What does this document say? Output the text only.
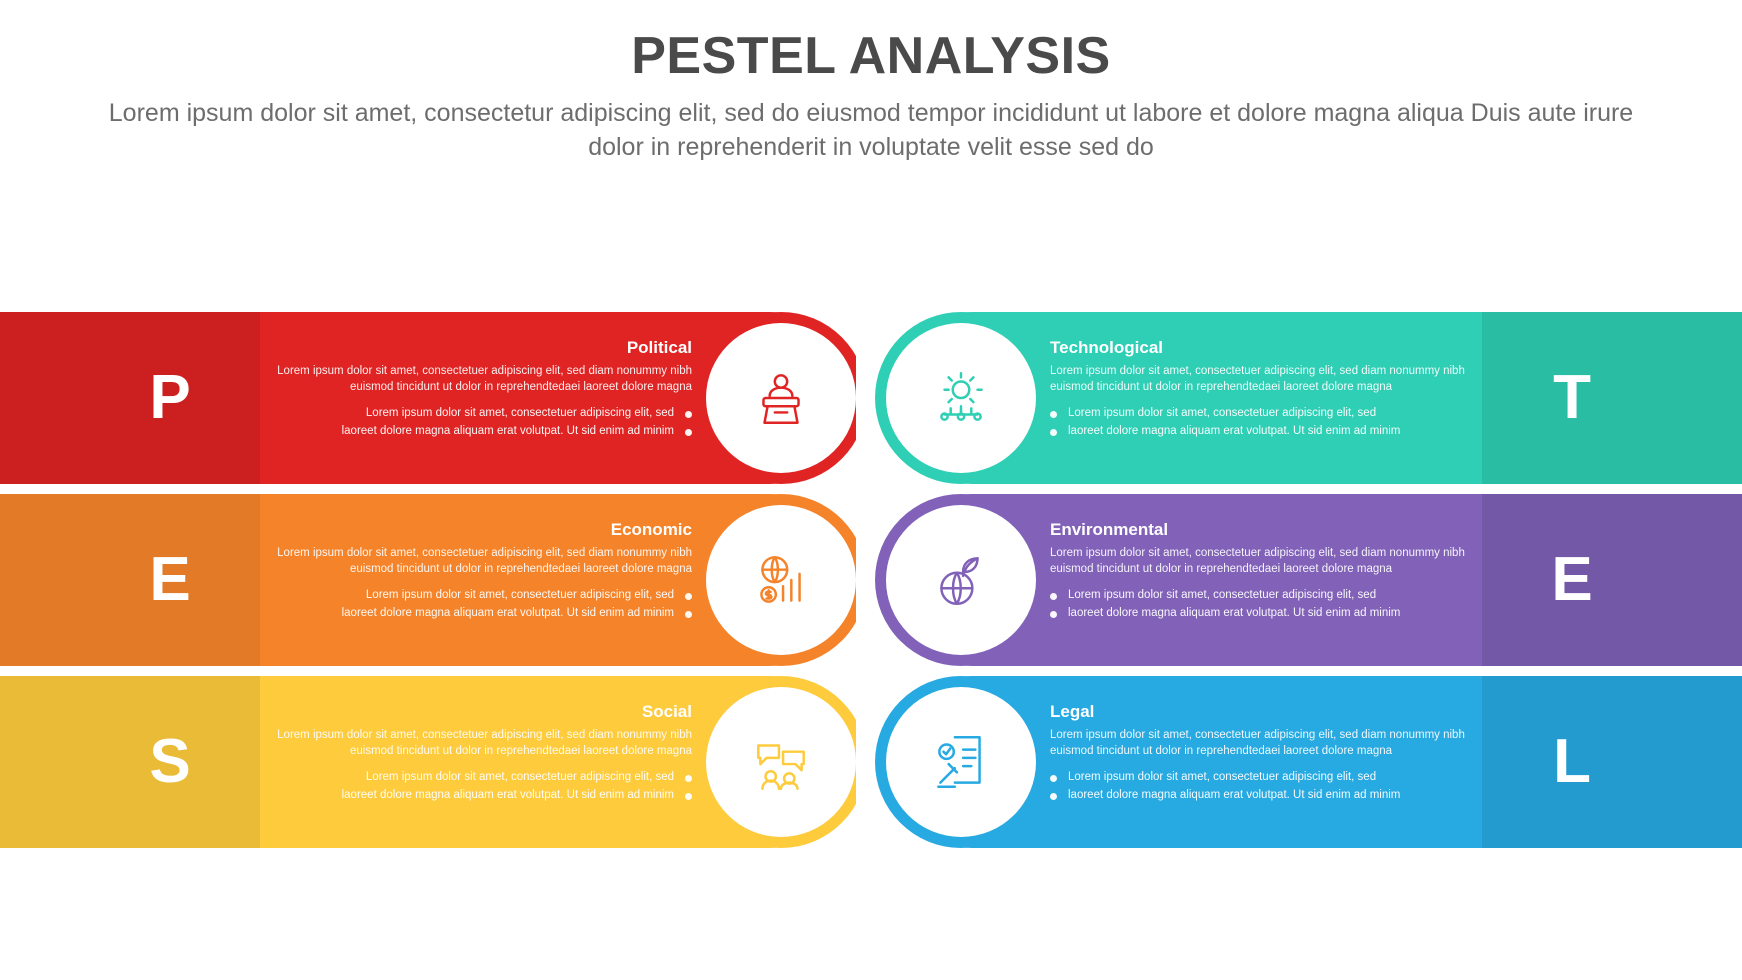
PESTEL ANALYSIS
Lorem ipsum dolor sit amet, consectetur adipiscing elit, sed do eiusmod tempor incididunt ut labore et dolore magna aliqua Duis aute irure dolor in reprehenderit in voluptate velit esse sed do
P
Political
Lorem ipsum dolor sit amet, consectetuer adipiscing elit, sed diam nonummy nibh euismod tincidunt ut dolor in reprehendtedaei laoreet dolore magna
Lorem ipsum dolor sit amet, consectetuer adipiscing elit, sed
laoreet dolore magna aliquam erat volutpat. Ut sid enim ad minim	T
Technological
Lorem ipsum dolor sit amet, consectetuer adipiscing elit, sed diam nonummy nibh euismod tincidunt ut dolor in reprehendtedaei laoreet dolore magna
Lorem ipsum dolor sit amet, consectetuer adipiscing elit, sed
laoreet dolore magna aliquam erat volutpat. Ut sid enim ad minim
E
Economic
Lorem ipsum dolor sit amet, consectetuer adipiscing elit, sed diam nonummy nibh euismod tincidunt ut dolor in reprehendtedaei laoreet dolore magna
Lorem ipsum dolor sit amet, consectetuer adipiscing elit, sed
laoreet dolore magna aliquam erat volutpat. Ut sid enim ad minim	E
Environmental
Lorem ipsum dolor sit amet, consectetuer adipiscing elit, sed diam nonummy nibh euismod tincidunt ut dolor in reprehendtedaei laoreet dolore magna
Lorem ipsum dolor sit amet, consectetuer adipiscing elit, sed
laoreet dolore magna aliquam erat volutpat. Ut sid enim ad minim
S
Social
Lorem ipsum dolor sit amet, consectetuer adipiscing elit, sed diam nonummy nibh euismod tincidunt ut dolor in reprehendtedaei laoreet dolore magna
Lorem ipsum dolor sit amet, consectetuer adipiscing elit, sed
laoreet dolore magna aliquam erat volutpat. Ut sid enim ad minim	L
Legal
Lorem ipsum dolor sit amet, consectetuer adipiscing elit, sed diam nonummy nibh euismod tincidunt ut dolor in reprehendtedaei laoreet dolore magna
Lorem ipsum dolor sit amet, consectetuer adipiscing elit, sed
laoreet dolore magna aliquam erat volutpat. Ut sid enim ad minim
